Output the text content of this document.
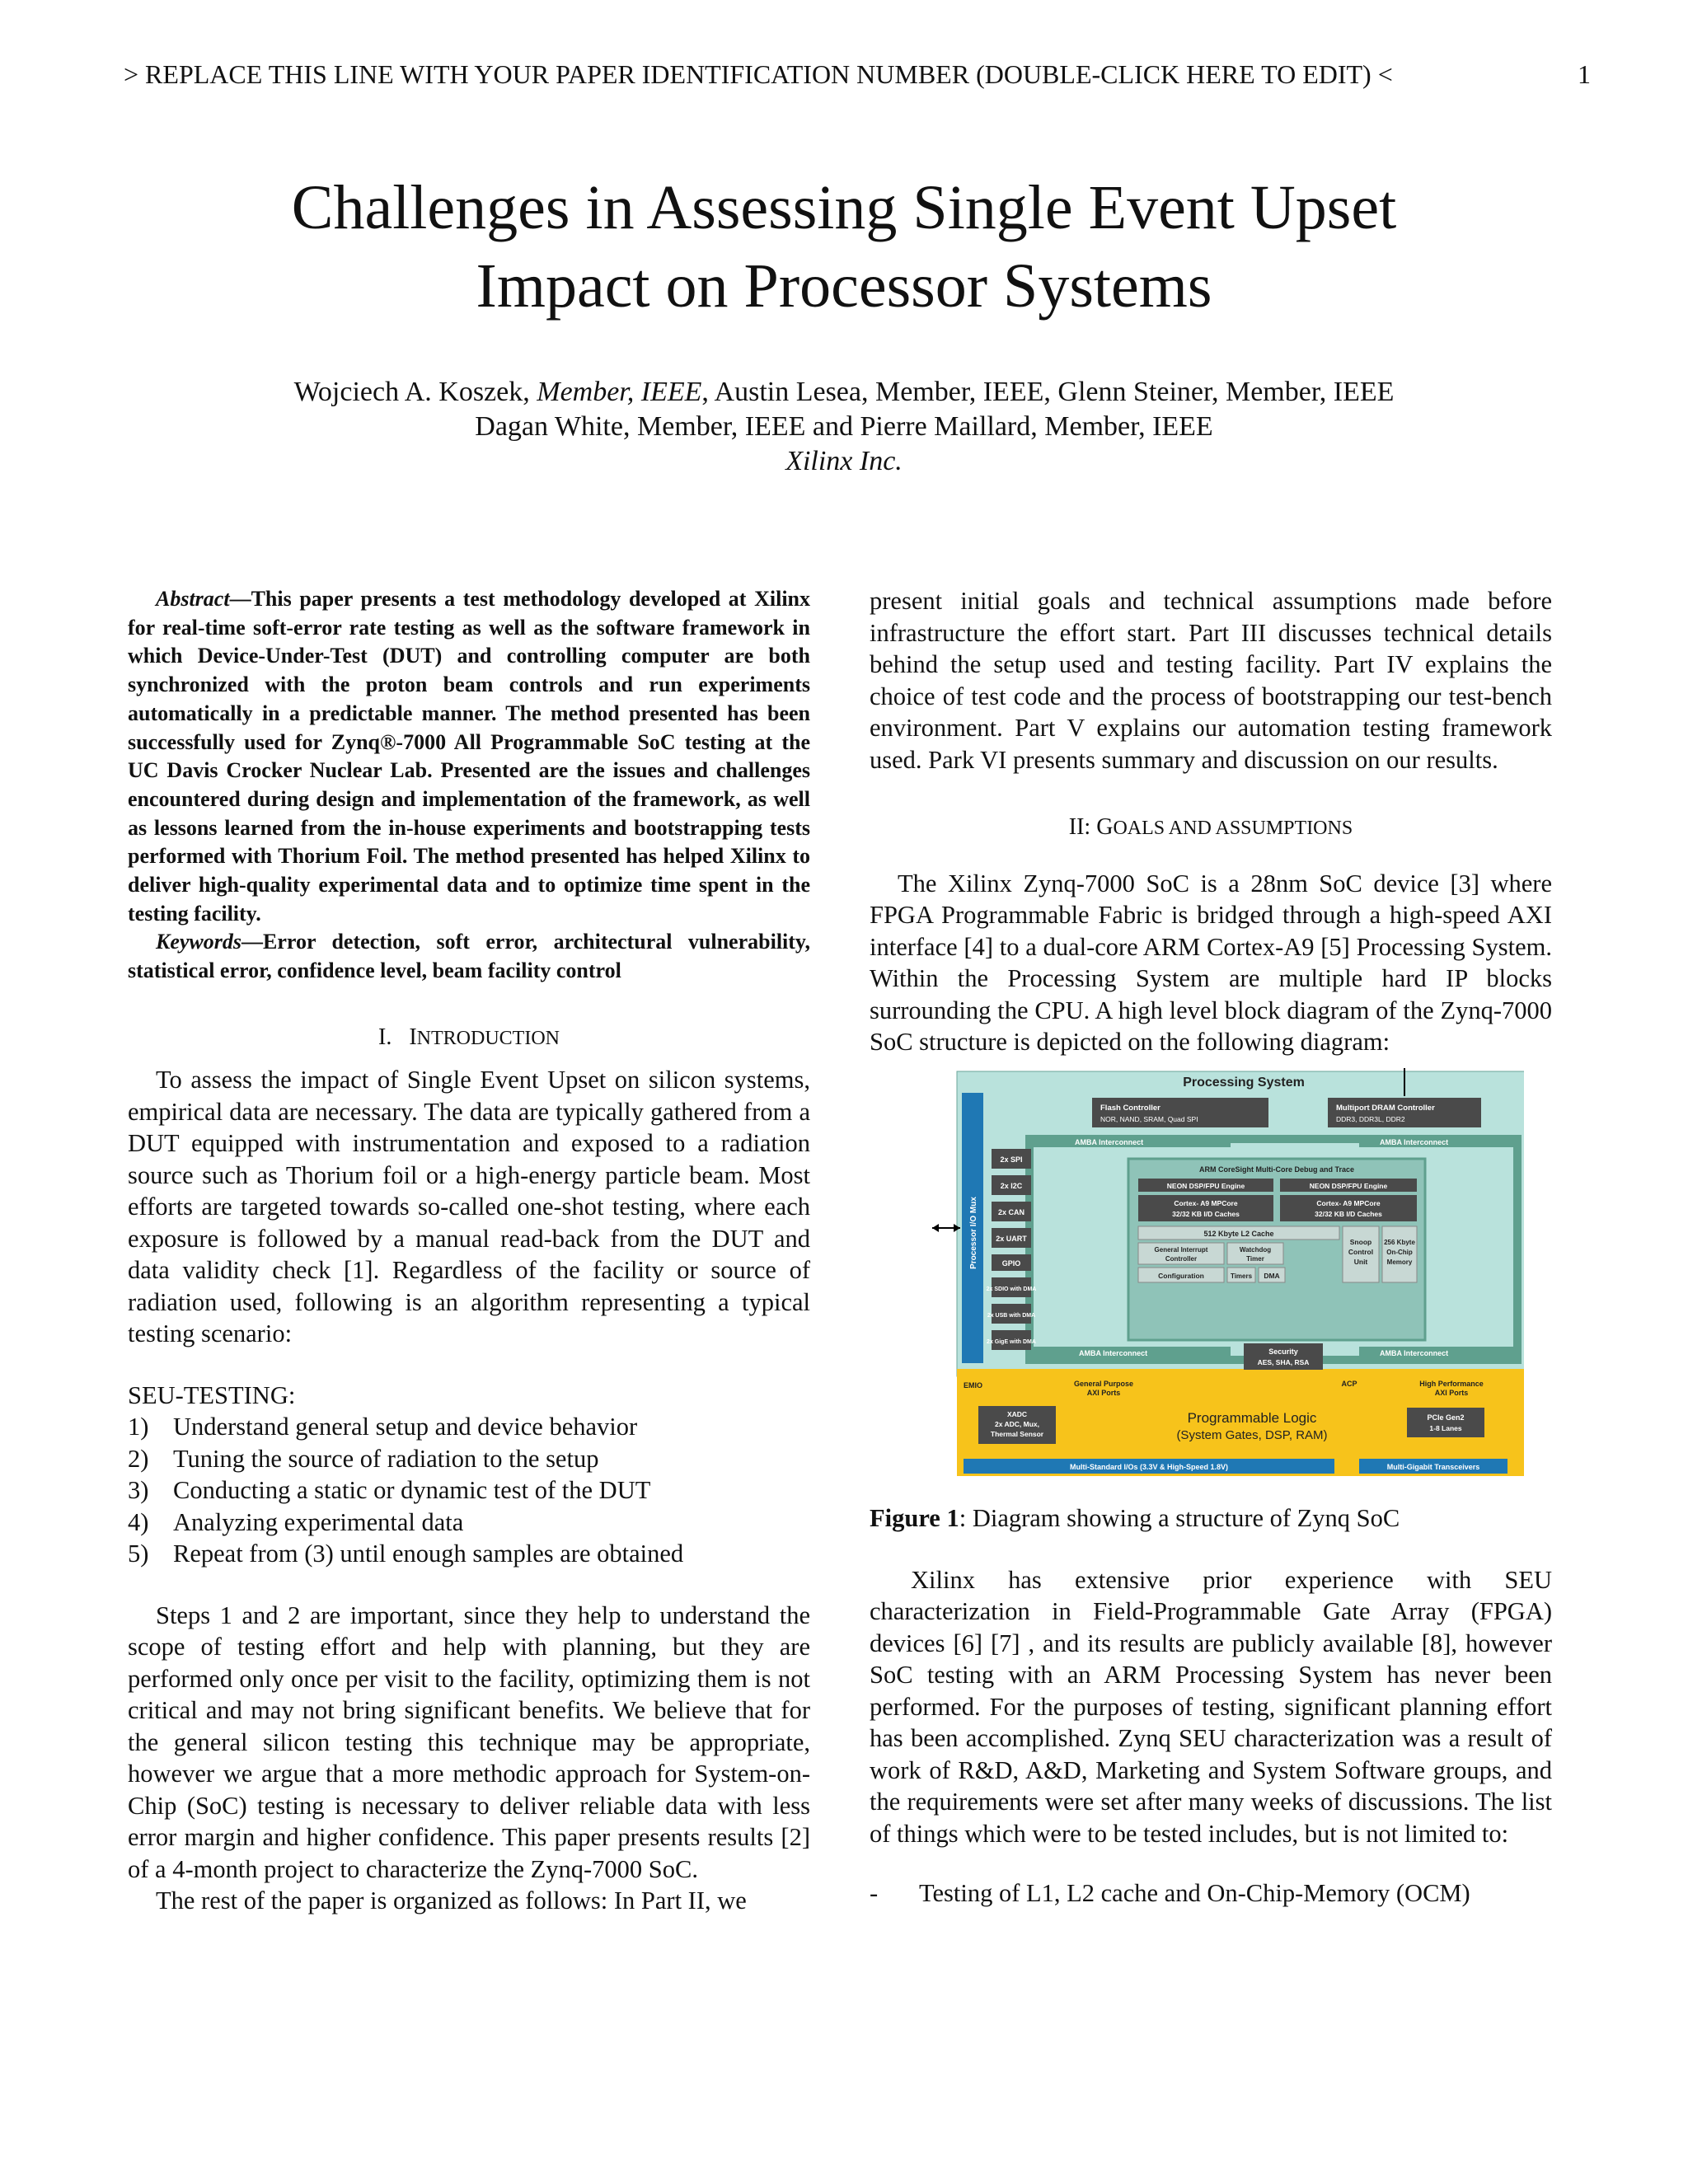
> REPLACE THIS LINE WITH YOUR PAPER IDENTIFICATION NUMBER (DOUBLE-CLICK HERE TO EDIT) <	1
Challenges in Assessing Single Event Upset
Impact on Processor Systems
Wojciech A. Koszek, Member, IEEE, Austin Lesea, Member, IEEE, Glenn Steiner, Member, IEEE
Dagan White, Member, IEEE and Pierre Maillard, Member, IEEE
Xilinx Inc.

Abstract—This paper presents a test methodology developed at Xilinx for real-time soft-error rate testing as well as the software framework in which Device-Under-Test (DUT) and controlling computer are both synchronized with the proton beam controls and run experiments automatically in a predictable manner. The method presented has been successfully used for Zynq®-7000 All Programmable SoC testing at the UC Davis Crocker Nuclear Lab. Presented are the issues and challenges encountered during design and implementation of the framework, as well as lessons learned from the in-house experiments and bootstrapping tests performed with Thorium Foil. The method presented has helped Xilinx to deliver high-quality experimental data and to optimize time spent in the testing facility.

Keywords—Error detection, soft error, architectural vulnerability, statistical error, confidence level, beam facility control

I. INTRODUCTION

To assess the impact of Single Event Upset on silicon systems, empirical data are necessary. The data are typically gathered from a DUT equipped with instrumentation and exposed to a radiation source such as Thorium foil or a high-energy particle beam. Most efforts are targeted towards so-called one-shot testing, where each exposure is followed by a manual read-back from the DUT and data validity check [1]. Regardless of the facility or source of radiation used, following is an algorithm representing a typical testing scenario:

SEU-TESTING:
1) Understand general setup and device behavior
2) Tuning the source of radiation to the setup
3) Conducting a static or dynamic test of the DUT
4) Analyzing experimental data
5) Repeat from (3) until enough samples are obtained

Steps 1 and 2 are important, since they help to understand the scope of testing effort and help with planning, but they are performed only once per visit to the facility, optimizing them is not critical and may not bring significant benefits. We believe that for the general silicon testing this technique may be appropriate, however we argue that a more methodic approach for System-on-Chip (SoC) testing is necessary to deliver reliable data with less error margin and higher confidence. This paper presents results [2] of a 4-month project to characterize the Zynq-7000 SoC.

The rest of the paper is organized as follows: In Part II, we

present initial goals and technical assumptions made before infrastructure the effort start. Part III discusses technical details behind the setup used and testing facility. Part IV explains the choice of test code and the process of bootstrapping our test-bench environment. Part V explains our automation testing framework used. Park VI presents summary and discussion on our results.

II: GOALS AND ASSUMPTIONS

The Xilinx Zynq-7000 SoC is a 28nm SoC device [3] where FPGA Programmable Fabric is bridged through a high-speed AXI interface [4] to a dual-core ARM Cortex-A9 [5] Processing System. Within the Processing System are multiple hard IP blocks surrounding the CPU. A high level block diagram of the Zynq-7000 SoC structure is depicted on the following diagram:

Processing System
Processor I/O Mux
Flash Controller
NOR, NAND, SRAM, Quad SPI
Multiport DRAM Controller
DDR3, DDR3L, DDR2
AMBA Interconnect	AMBA Interconnect
2x SPI
2x I2C
2x CAN
2x UART
GPIO
2x SDIO with DMA
2x USB with DMA
2x GigE with DMA
ARM CoreSight Multi-Core Debug and Trace
NEON DSP/FPU Engine	NEON DSP/FPU Engine
Cortex- A9 MPCore
32/32 KB I/D Caches
Cortex- A9 MPCore
32/32 KB I/D Caches
512 Kbyte L2 Cache
General Interrupt
Controller
Watchdog
Timer
Configuration	Timers DMA
Snoop
Control
Unit
256 Kbyte
On-Chip
Memory
AMBA Interconnect	AMBA Interconnect
Security
AES, SHA, RSA
EMIO	General Purpose
AXI Ports
ACP	High Performance
AXI Ports
XADC
2x ADC, Mux,
Thermal Sensor
Programmable Logic
(System Gates, DSP, RAM)
PCIe Gen2
1-8 Lanes
Multi-Standard I/Os (3.3V & High-Speed 1.8V)	Multi-Gigabit Transceivers
Figure 1: Diagram showing a structure of Zynq SoC

Xilinx has extensive prior experience with SEU characterization in Field-Programmable Gate Array (FPGA) devices [6] [7] , and its results are publicly available [8], however SoC testing with an ARM Processing System has never been performed. For the purposes of testing, significant planning effort has been accomplished. Zynq SEU characterization was a result of work of R&D, A&D, Marketing and System Software groups, and the requirements were set after many weeks of discussions. The list of things which were to be tested includes, but is not limited to:

-	Testing of L1, L2 cache and On-Chip-Memory (OCM)
